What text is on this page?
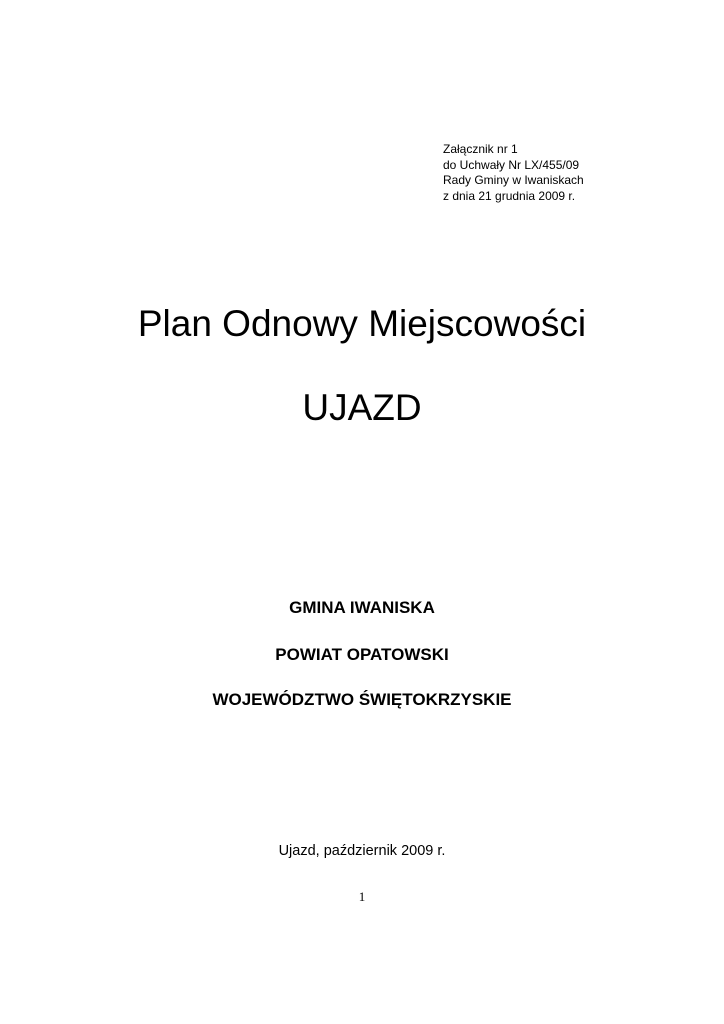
Załącznik nr 1
do Uchwały Nr LX/455/09
Rady Gminy w Iwaniskach
z dnia 21 grudnia 2009 r.
Plan Odnowy Miejscowości
UJAZD
GMINA IWANISKA
POWIAT OPATOWSKI
WOJEWÓDZTWO ŚWIĘTOKRZYSKIE
Ujazd, październik 2009 r.
1
